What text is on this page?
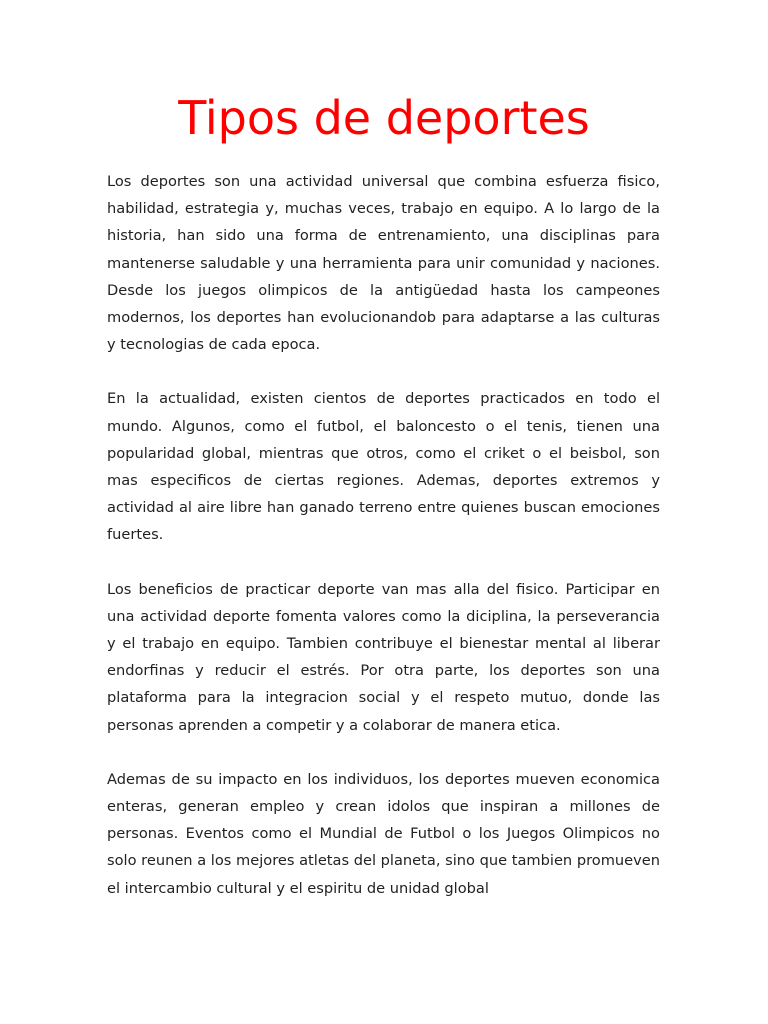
Tipos de deportes

Los deportes son una actividad universal que combina esfuerza fisico, habilidad, estrategia y, muchas veces, trabajo en equipo. A lo largo de la historia, han sido una forma de entrenamiento, una disciplinas para mantenerse saludable y una herramienta para unir comunidad y naciones. Desde los juegos olimpicos de la antigüedad hasta los campeones modernos, los deportes han evolucionandob para adaptarse a las culturas y tecnologias de cada epoca.

En la actualidad, existen cientos de deportes practicados en todo el mundo. Algunos, como el futbol, el baloncesto o el tenis, tienen una popularidad global, mientras que otros, como el criket o el beisbol, son mas especificos de ciertas regiones. Ademas, deportes extremos y actividad al aire libre han ganado terreno entre quienes buscan emociones fuertes.

Los beneficios de practicar deporte van mas alla del fisico. Participar en una actividad deporte fomenta valores como la diciplina, la perseverancia y el trabajo en equipo. Tambien contribuye el bienestar mental al liberar endorfinas y reducir el estrés. Por otra parte, los deportes son una plataforma para la integracion social y el respeto mutuo, donde las personas aprenden a competir y a colaborar de manera etica.

Ademas de su impacto en los individuos, los deportes mueven economica enteras, generan empleo y crean idolos que inspiran a millones de personas. Eventos como el Mundial de Futbol o los Juegos Olimpicos no solo reunen a los mejores atletas del planeta, sino que tambien promueven el intercambio cultural y el espiritu de unidad global
